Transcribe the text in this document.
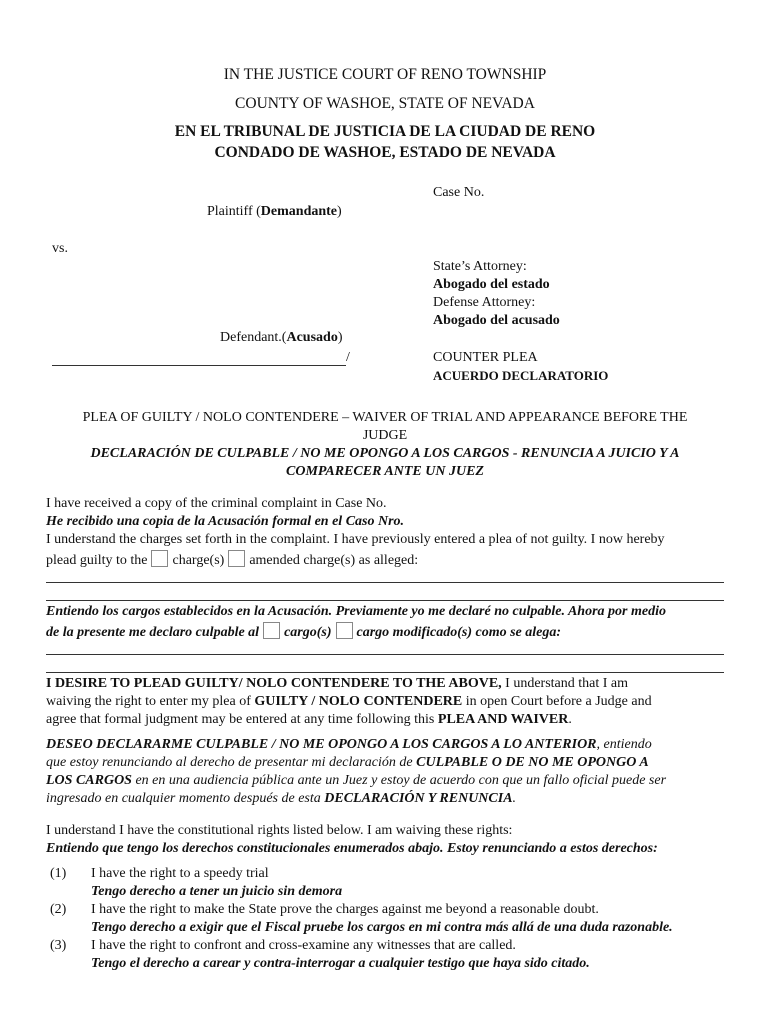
IN THE JUSTICE COURT OF RENO TOWNSHIP
COUNTY OF WASHOE, STATE OF NEVADA
EN EL TRIBUNAL DE JUSTICIA DE LA CIUDAD DE RENO
CONDADO DE WASHOE, ESTADO DE NEVADA
Case No.
Plaintiff (Demandante)
vs.
State’s Attorney:
Abogado del estado
Defense Attorney:
Abogado del acusado
Defendant.(Acusado)
/	COUNTER PLEA
ACUERDO DECLARATORIO
PLEA OF GUILTY / NOLO CONTENDERE – WAIVER OF TRIAL AND APPEARANCE BEFORE THE
JUDGE
DECLARACIÓN DE CULPABLE / NO ME OPONGO A LOS CARGOS - RENUNCIA A JUICIO Y A
COMPARECER ANTE UN JUEZ
I have received a copy of the criminal complaint in Case No.
He recibido una copia de la Acusación formal en el Caso Nro.
I understand the charges set forth in the complaint. I have previously entered a plea of not guilty. I now hereby
plead guilty to the charge(s) amended charge(s) as alleged:
Entiendo los cargos establecidos en la Acusación. Previamente yo me declaré no culpable. Ahora por medio
de la presente me declaro culpable al cargo(s) cargo modificado(s) como se alega:
I DESIRE TO PLEAD GUILTY/ NOLO CONTENDERE TO THE ABOVE, I understand that I am
waiving the right to enter my plea of GUILTY / NOLO CONTENDERE in open Court before a Judge and
agree that formal judgment may be entered at any time following this PLEA AND WAIVER.
DESEO DECLARARME CULPABLE / NO ME OPONGO A LOS CARGOS A LO ANTERIOR, entiendo
que estoy renunciando al derecho de presentar mi declaración de CULPABLE O DE NO ME OPONGO A
LOS CARGOS en en una audiencia pública ante un Juez y estoy de acuerdo con que un fallo oficial puede ser
ingresado en cualquier momento después de esta DECLARACIÓN Y RENUNCIA.
I understand I have the constitutional rights listed below. I am waiving these rights:
Entiendo que tengo los derechos constitucionales enumerados abajo. Estoy renunciando a estos derechos:
(1) I have the right to a speedy trial
Tengo derecho a tener un juicio sin demora
(2) I have the right to make the State prove the charges against me beyond a reasonable doubt.
Tengo derecho a exigir que el Fiscal pruebe los cargos en mi contra más allá de una duda razonable.
(3) I have the right to confront and cross-examine any witnesses that are called.
Tengo el derecho a carear y contra-interrogar a cualquier testigo que haya sido citado.
